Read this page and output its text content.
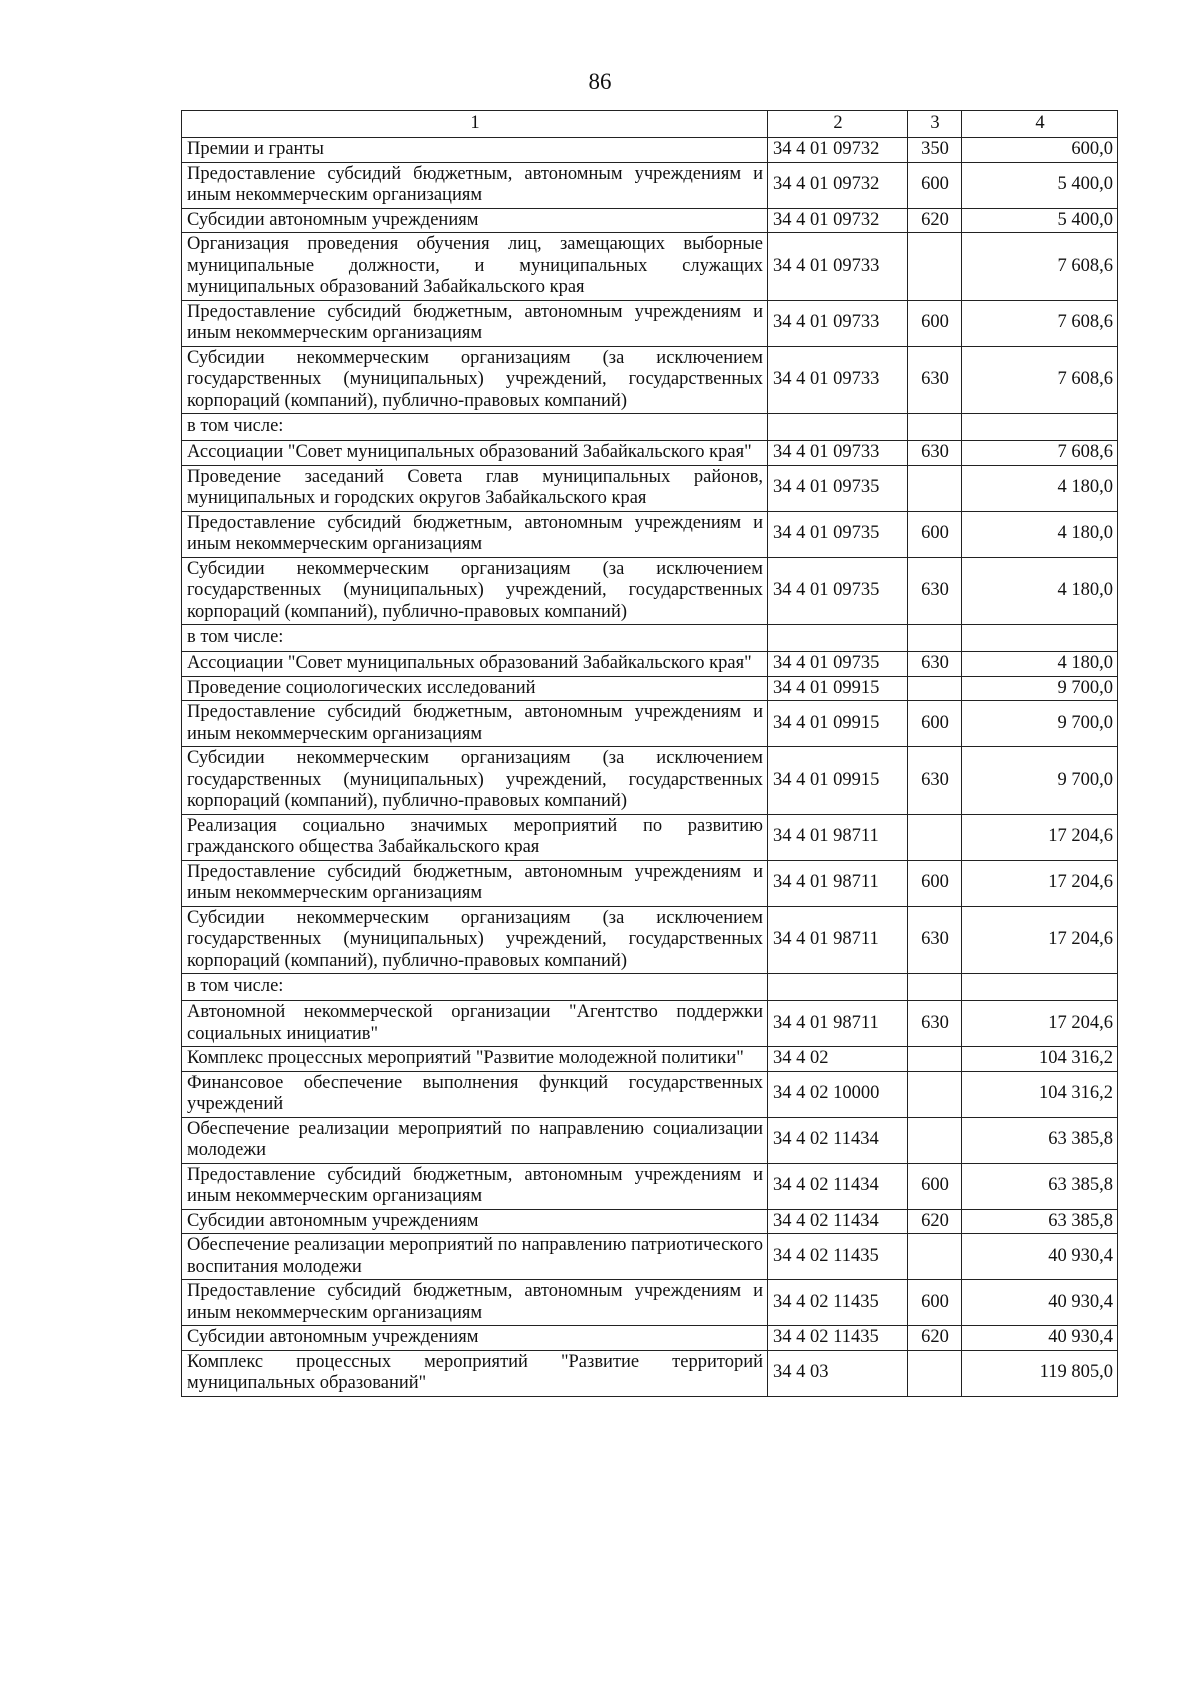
86
1	2	3	4
Премии и гранты	34 4 01 09732	350	600,0
Предоставление субсидий бюджетным, автономным учреждениям и иным некоммерческим организациям	34 4 01 09732	600	5 400,0
Субсидии автономным учреждениям	34 4 01 09732	620	5 400,0
Организация проведения обучения лиц, замещающих выборные муниципальные должности, и муниципальных служащих муниципальных образований Забайкальского края	34 4 01 09733		7 608,6
Предоставление субсидий бюджетным, автономным учреждениям и иным некоммерческим организациям	34 4 01 09733	600	7 608,6
Субсидии некоммерческим организациям (за исключением государственных (муниципальных) учреждений, государственных корпораций (компаний), публично-правовых компаний)	34 4 01 09733	630	7 608,6
в том числе:			
Ассоциации "Совет муниципальных образований Забайкальского края"	34 4 01 09733	630	7 608,6
Проведение заседаний Совета глав муниципальных районов, муниципальных и городских округов Забайкальского края	34 4 01 09735		4 180,0
Предоставление субсидий бюджетным, автономным учреждениям и иным некоммерческим организациям	34 4 01 09735	600	4 180,0
Субсидии некоммерческим организациям (за исключением государственных (муниципальных) учреждений, государственных корпораций (компаний), публично-правовых компаний)	34 4 01 09735	630	4 180,0
в том числе:			
Ассоциации "Совет муниципальных образований Забайкальского края"	34 4 01 09735	630	4 180,0
Проведение социологических исследований	34 4 01 09915		9 700,0
Предоставление субсидий бюджетным, автономным учреждениям и иным некоммерческим организациям	34 4 01 09915	600	9 700,0
Субсидии некоммерческим организациям (за исключением государственных (муниципальных) учреждений, государственных корпораций (компаний), публично-правовых компаний)	34 4 01 09915	630	9 700,0
Реализация социально значимых мероприятий по развитию гражданского общества Забайкальского края	34 4 01 98711		17 204,6
Предоставление субсидий бюджетным, автономным учреждениям и иным некоммерческим организациям	34 4 01 98711	600	17 204,6
Субсидии некоммерческим организациям (за исключением государственных (муниципальных) учреждений, государственных корпораций (компаний), публично-правовых компаний)	34 4 01 98711	630	17 204,6
в том числе:			
Автономной некоммерческой организации "Агентство поддержки социальных инициатив"	34 4 01 98711	630	17 204,6
Комплекс процессных мероприятий "Развитие молодежной политики"	34 4 02		104 316,2
Финансовое обеспечение выполнения функций государственных учреждений	34 4 02 10000		104 316,2
Обеспечение реализации мероприятий по направлению социализации молодежи	34 4 02 11434		63 385,8
Предоставление субсидий бюджетным, автономным учреждениям и иным некоммерческим организациям	34 4 02 11434	600	63 385,8
Субсидии автономным учреждениям	34 4 02 11434	620	63 385,8
Обеспечение реализации мероприятий по направлению патриотического воспитания молодежи	34 4 02 11435		40 930,4
Предоставление субсидий бюджетным, автономным учреждениям и иным некоммерческим организациям	34 4 02 11435	600	40 930,4
Субсидии автономным учреждениям	34 4 02 11435	620	40 930,4
Комплекс процессных мероприятий "Развитие территорий муниципальных образований"	34 4 03		119 805,0
